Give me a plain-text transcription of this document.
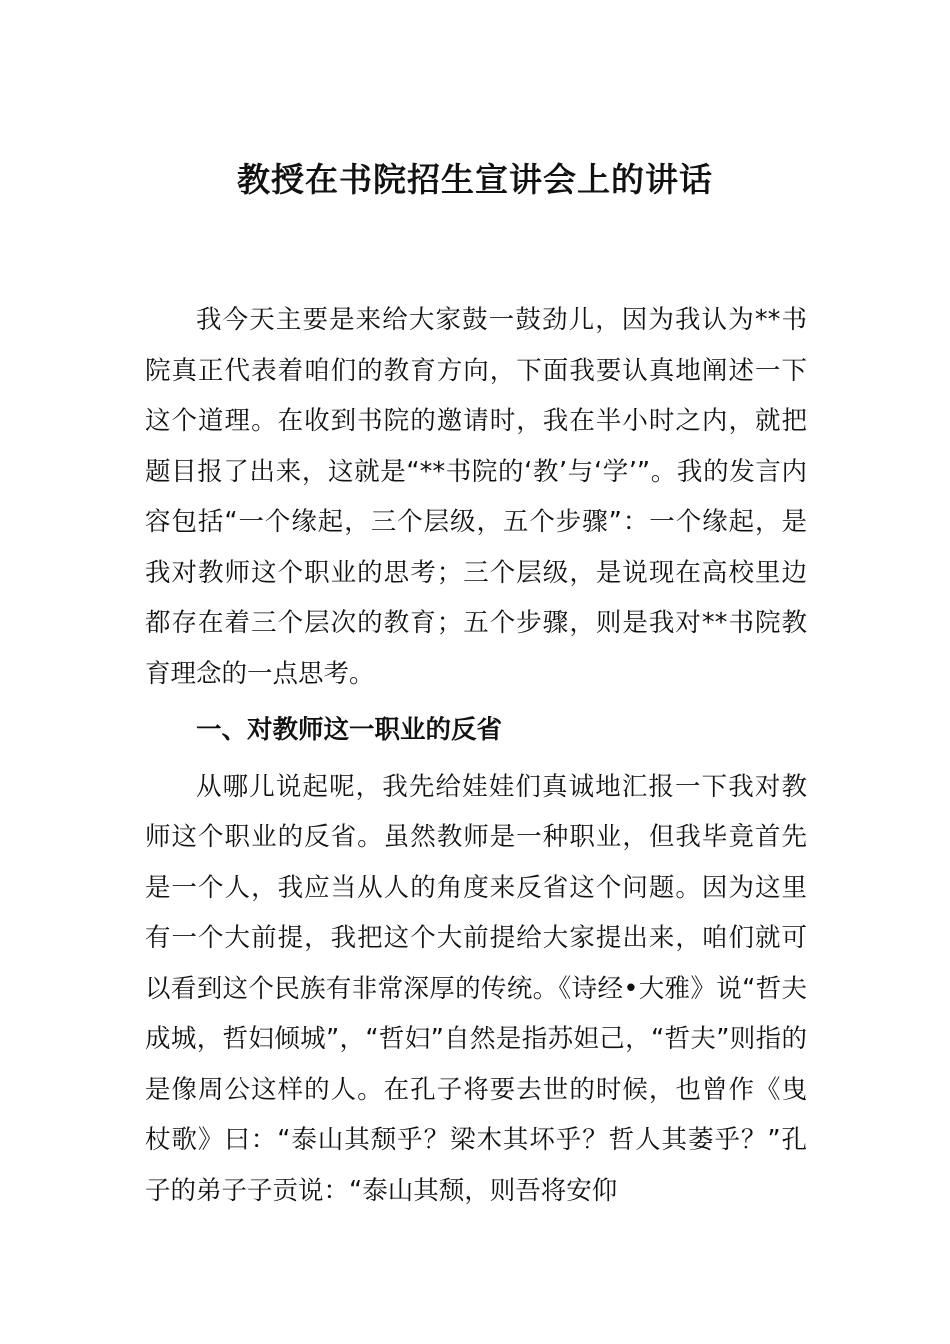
教授在书院招生宣讲会上的讲话

我今天主要是来给大家鼓一鼓劲儿，因为我认为**书院真正代表着咱们的教育方向，下面我要认真地阐述一下这个道理。在收到书院的邀请时，我在半小时之内，就把题目报了出来，这就是“**书院的‘教’与‘学’”。我的发言内容包括“一个缘起，三个层级，五个步骤”：一个缘起，是我对教师这个职业的思考；三个层级，是说现在高校里边都存在着三个层次的教育；五个步骤，则是我对**书院教育理念的一点思考。

一、对教师这一职业的反省

从哪儿说起呢，我先给娃娃们真诚地汇报一下我对教师这个职业的反省。虽然教师是一种职业，但我毕竟首先是一个人，我应当从人的角度来反省这个问题。因为这里有一个大前提，我把这个大前提给大家提出来，咱们就可以看到这个民族有非常深厚的传统。《诗经•大雅》说“哲夫成城，哲妇倾城”，“哲妇”自然是指苏妲己，“哲夫”则指的是像周公这样的人。在孔子将要去世的时候，也曾作《曳杖歌》曰：“泰山其颓乎？梁木其坏乎？哲人其萎乎？”孔子的弟子子贡说：“泰山其颓，则吾将安仰
